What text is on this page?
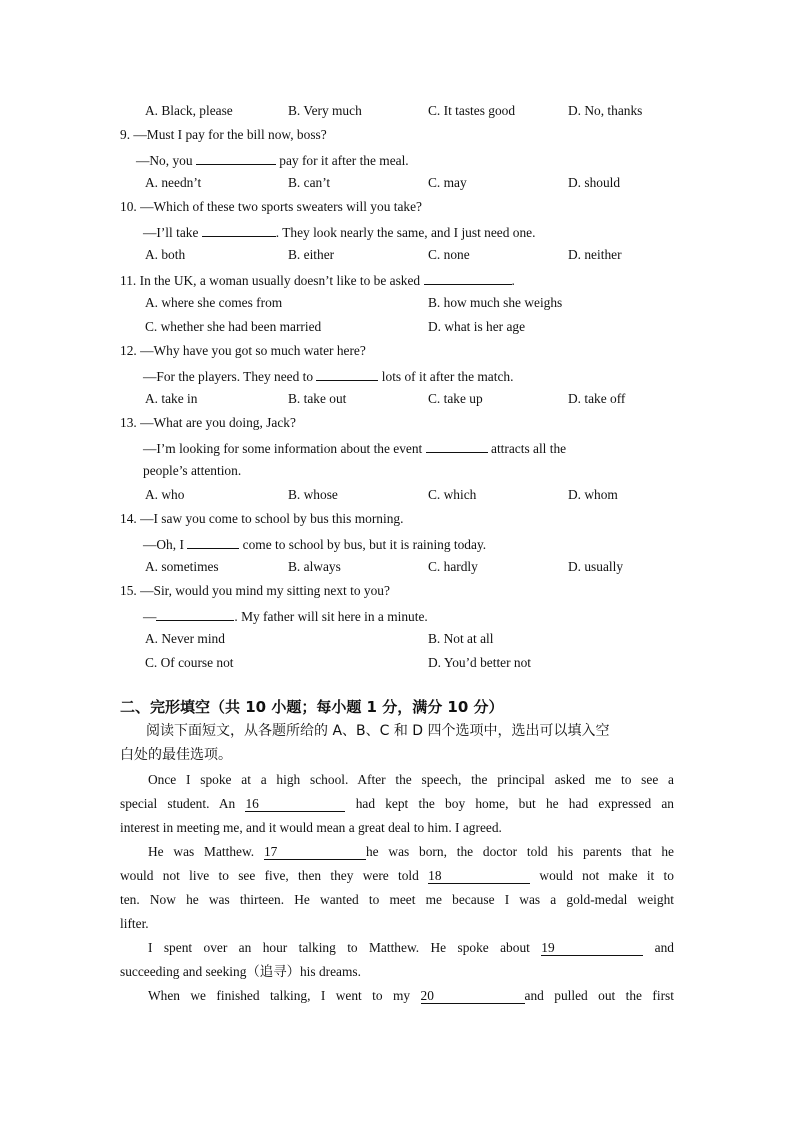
A. Black, please	B. Very much	C. It tastes good	D. No, thanks
9. —Must I pay for the bill now, boss?
—No, you	pay for it after the meal.
A. needn’t	B. can’t	C. may	D. should
10. —Which of these two sports sweaters will you take?
—I’ll take	. They look nearly the same, and I just need one.
A. both	B. either	C. none	D. neither
11. In the UK, a woman usually doesn’t like to be asked	.
A. where she comes from	B. how much she weighs
C. whether she had been married	D. what is her age
12. —Why have you got so much water here?
—For the players. They need to	lots of it after the match.
A. take in	B. take out	C. take up	D. take off
13. —What are you doing, Jack?
—I’m looking for some information about the event	attracts all the
people’s attention.
A. who	B. whose	C. which	D. whom
14. —I saw you come to school by bus this morning.
—Oh, I	come to school by bus, but it is raining today.
A. sometimes	B. always	C. hardly	D. usually
15. —Sir, would you mind my sitting next to you?
—	. My father will sit here in a minute.
A. Never mind	B. Not at all
C. Of course not	D. You’d better not
二、完形填空（共 10 小题；每小题 1 分，满分 10 分）
阅读下面短文，从各题所给的 A、B、C 和 D 四个选项中，选出可以填入空
白处的最佳选项。
Once I spoke at a high school. After the speech, the principal asked me to see a
special student. An 16	had kept the boy home, but he had expressed an
interest in meeting me, and it would mean a great deal to him. I agreed.
He was Matthew. 17	he was born, the doctor told his parents that he
would not live to see five, then they were told 18	would not make it to
ten. Now he was thirteen. He wanted to meet me because I was a gold-medal weight
lifter.
I spent over an hour talking to Matthew. He spoke about 19	and
succeeding and seeking（追寻）his dreams.
When we finished talking, I went to my 20	and pulled out the first
